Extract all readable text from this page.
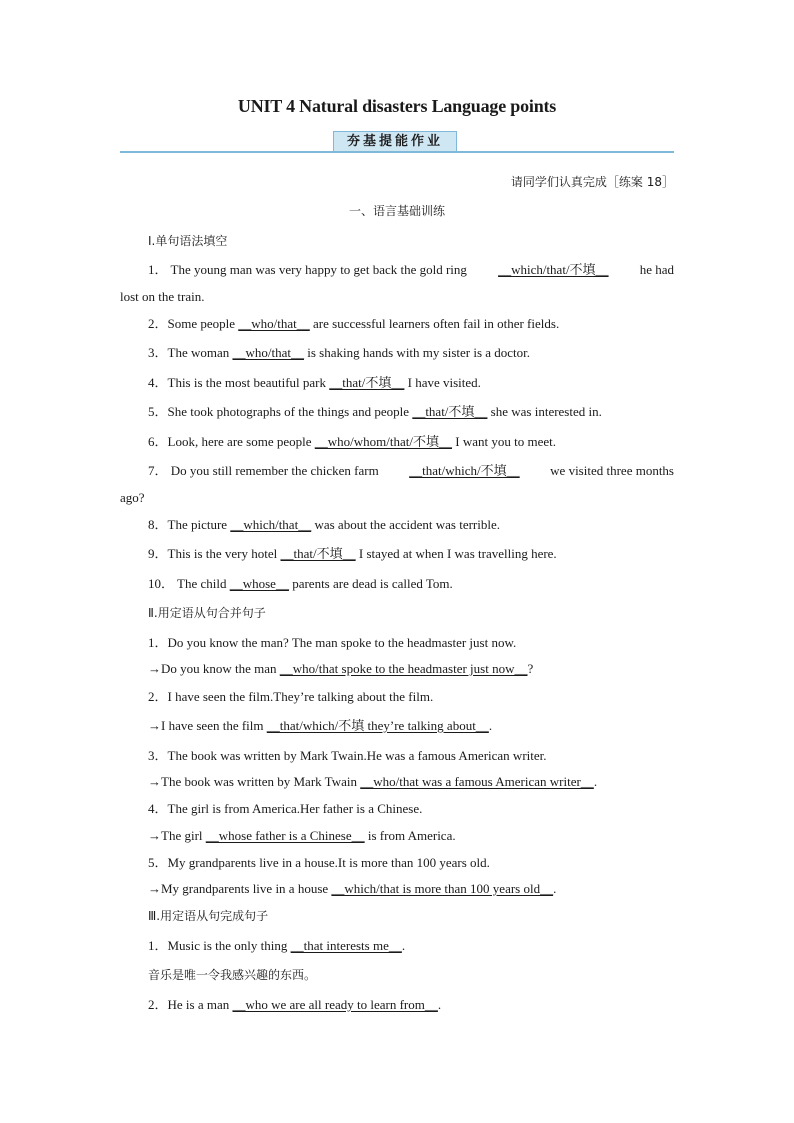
UNIT 4 Natural disasters Language points
夯基提能作业
请同学们认真完成［练案 18］
一、语言基础训练
Ⅰ.单句语法填空
1． The young man was very happy to get back the gold ring __which/that/不填__ he had
lost on the train.
2．Some people __who/that__ are successful learners often fail in other fields.
3．The woman __who/that__ is shaking hands with my sister is a doctor.
4．This is the most beautiful park __that/不填__ I have visited.
5．She took photographs of the things and people __that/不填__ she was interested in.
6．Look, here are some people __who/whom/that/不填__ I want you to meet.
7． Do you still remember the chicken farm __that/which/不填__ we visited three months
ago?
8．The picture __which/that__ was about the accident was terrible.
9．This is the very hotel __that/不填__ I stayed at when I was travelling here.
10． The child __whose__ parents are dead is called Tom.
Ⅱ.用定语从句合并句子
1．Do you know the man? The man spoke to the headmaster just now.
→Do you know the man __who/that spoke to the headmaster just now__?
2．I have seen the film.They’re talking about the film.
→I have seen the film __that/which/不填 they’re talking about__.
3．The book was written by Mark Twain.He was a famous American writer.
→The book was written by Mark Twain __who/that was a famous American writer__.
4．The girl is from America.Her father is a Chinese.
→The girl __whose father is a Chinese__ is from America.
5．My grandparents live in a house.It is more than 100 years old.
→My grandparents live in a house __which/that is more than 100 years old__.
Ⅲ.用定语从句完成句子
1．Music is the only thing __that interests me__.
音乐是唯一令我感兴趣的东西。
2．He is a man __who we are all ready to learn from__.
